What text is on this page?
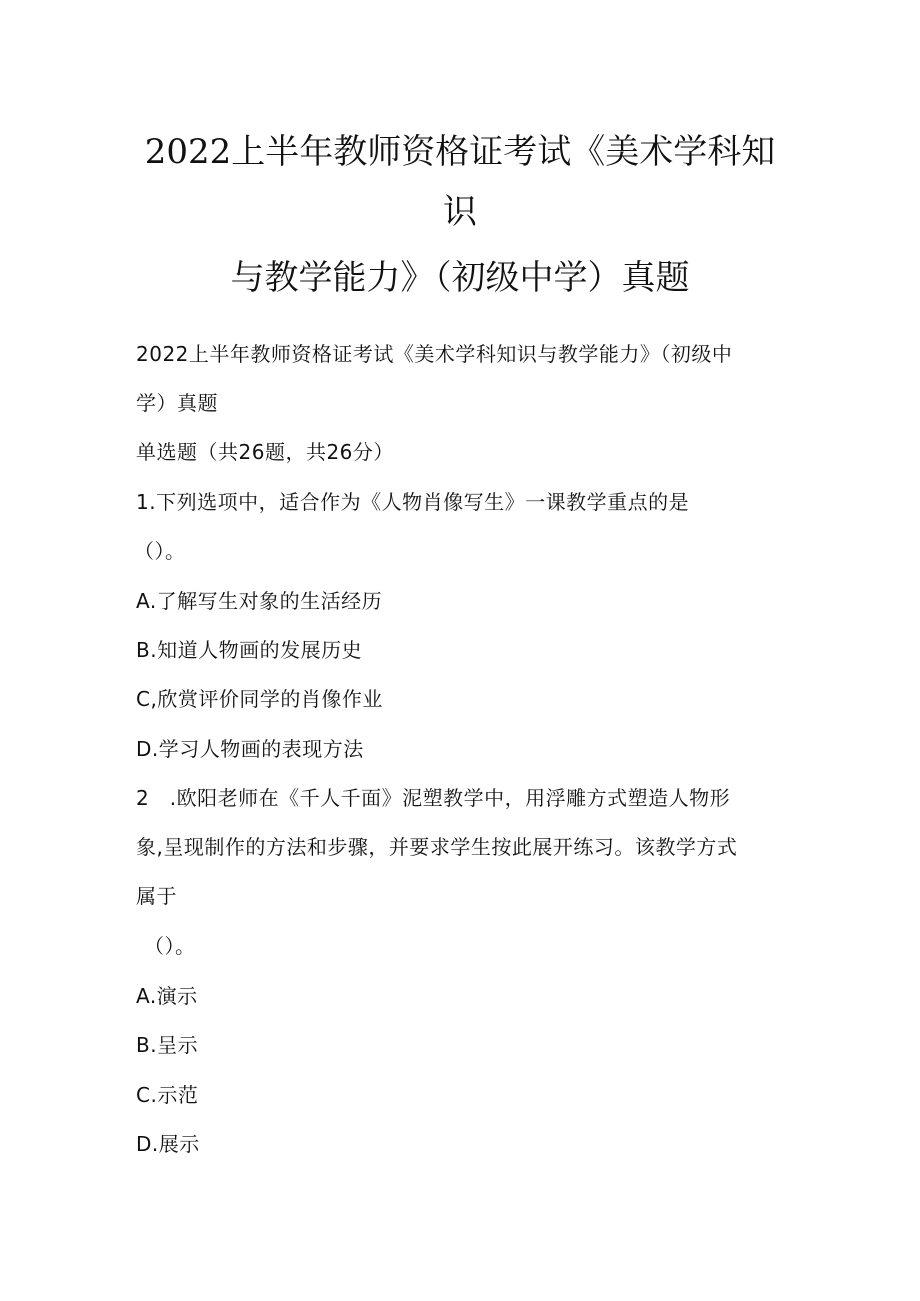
2022上半年教师资格证考试《美术学科知
识
与教学能力》（初级中学）真题
2022上半年教师资格证考试《美术学科知识与教学能力》（初级中
学）真题
单选题（共26题，共26分）
1.下列选项中，适合作为《人物肖像写生》一课教学重点的是
（）。
A.了解写生对象的生活经历
B.知道人物画的发展历史
C,欣赏评价同学的肖像作业
D.学习人物画的表现方法
2　.欧阳老师在《千人千面》泥塑教学中，用浮雕方式塑造人物形
象,呈现制作的方法和步骤，并要求学生按此展开练习。该教学方式
属于
（）。
A.演示
B.呈示
C.示范
D.展示
